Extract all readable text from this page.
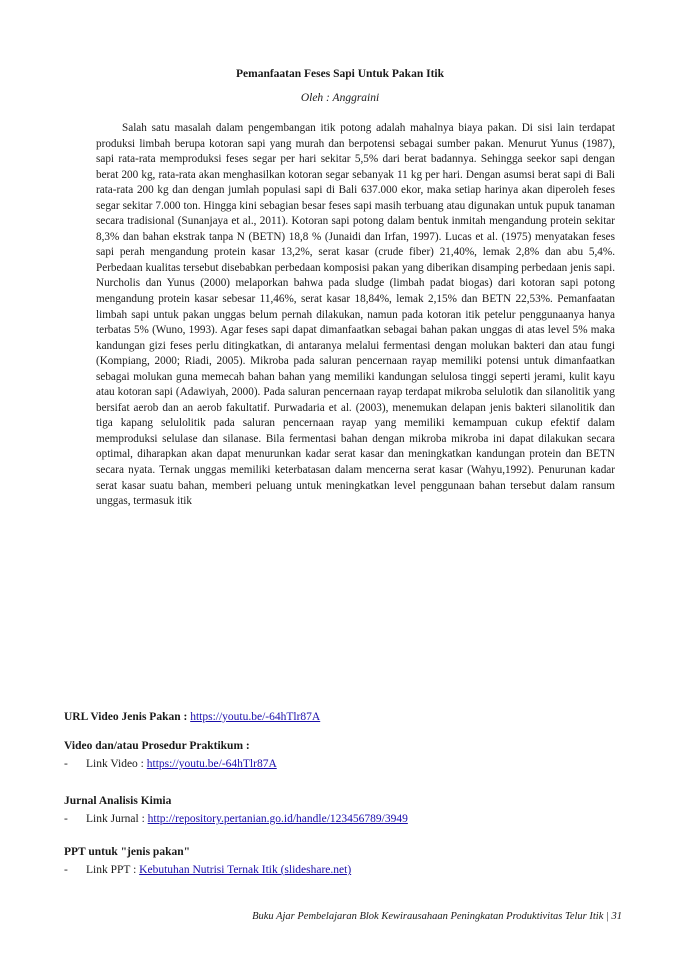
Pemanfaatan Feses Sapi Untuk Pakan Itik
Oleh : Anggraini

Salah satu masalah dalam pengembangan itik potong adalah mahalnya biaya pakan. Di sisi lain terdapat produksi limbah berupa kotoran sapi yang murah dan berpotensi sebagai sumber pakan. Menurut Yunus (1987), sapi rata-rata memproduksi feses segar per hari sekitar 5,5% dari berat badannya. Sehingga seekor sapi dengan berat 200 kg, rata-rata akan menghasilkan kotoran segar sebanyak 11 kg per hari. Dengan asumsi berat sapi di Bali rata-rata 200 kg dan dengan jumlah populasi sapi di Bali 637.000 ekor, maka setiap harinya akan diperoleh feses segar sekitar 7.000 ton. Hingga kini sebagian besar feses sapi masih terbuang atau digunakan untuk pupuk tanaman secara tradisional (Sunanjaya et al., 2011). Kotoran sapi potong dalam bentuk inmitah mengandung protein sekitar 8,3% dan bahan ekstrak tanpa N (BETN) 18,8 % (Junaidi dan Irfan, 1997). Lucas et al. (1975) menyatakan feses sapi perah mengandung protein kasar 13,2%, serat kasar (crude fiber) 21,40%, lemak 2,8% dan abu 5,4%. Perbedaan kualitas tersebut disebabkan perbedaan komposisi pakan yang diberikan disamping perbedaan jenis sapi. Nurcholis dan Yunus (2000) melaporkan bahwa pada sludge (limbah padat biogas) dari kotoran sapi potong mengandung protein kasar sebesar 11,46%, serat kasar 18,84%, lemak 2,15% dan BETN 22,53%. Pemanfaatan limbah sapi untuk pakan unggas belum pernah dilakukan, namun pada kotoran itik petelur penggunaanya hanya terbatas 5% (Wuno, 1993). Agar feses sapi dapat dimanfaatkan sebagai bahan pakan unggas di atas level 5% maka kandungan gizi feses perlu ditingkatkan, di antaranya melalui fermentasi dengan molukan bakteri dan atau fungi (Kompiang, 2000; Riadi, 2005). Mikroba pada saluran pencernaan rayap memiliki potensi untuk dimanfaatkan sebagai molukan guna memecah bahan bahan yang memiliki kandungan selulosa tinggi seperti jerami, kulit kayu atau kotoran sapi (Adawiyah, 2000). Pada saluran pencernaan rayap terdapat mikroba selulotik dan silanolitik yang bersifat aerob dan an aerob fakultatif. Purwadaria et al. (2003), menemukan delapan jenis bakteri silanolitik dan tiga kapang selulolitik pada saluran pencernaan rayap yang memiliki kemampuan cukup efektif dalam memproduksi selulase dan silanase. Bila fermentasi bahan dengan mikroba mikroba ini dapat dilakukan secara optimal, diharapkan akan dapat menurunkan kadar serat kasar dan meningkatkan kandungan protein dan BETN secara nyata. Ternak unggas memiliki keterbatasan dalam mencerna serat kasar (Wahyu,1992). Penurunan kadar serat kasar suatu bahan, memberi peluang untuk meningkatkan level penggunaan bahan tersebut dalam ransum unggas, termasuk itik

URL Video Jenis Pakan : https://youtu.be/-64hTlr87A
Video dan/atau Prosedur Praktikum :
- Link Video : https://youtu.be/-64hTlr87A
Jurnal Analisis Kimia
- Link Jurnal : http://repository.pertanian.go.id/handle/123456789/3949
PPT untuk "jenis pakan"
- Link PPT : Kebutuhan Nutrisi Ternak Itik (slideshare.net)
Buku Ajar Pembelajaran Blok Kewirausahaan Peningkatan Produktivitas Telur Itik | 31
